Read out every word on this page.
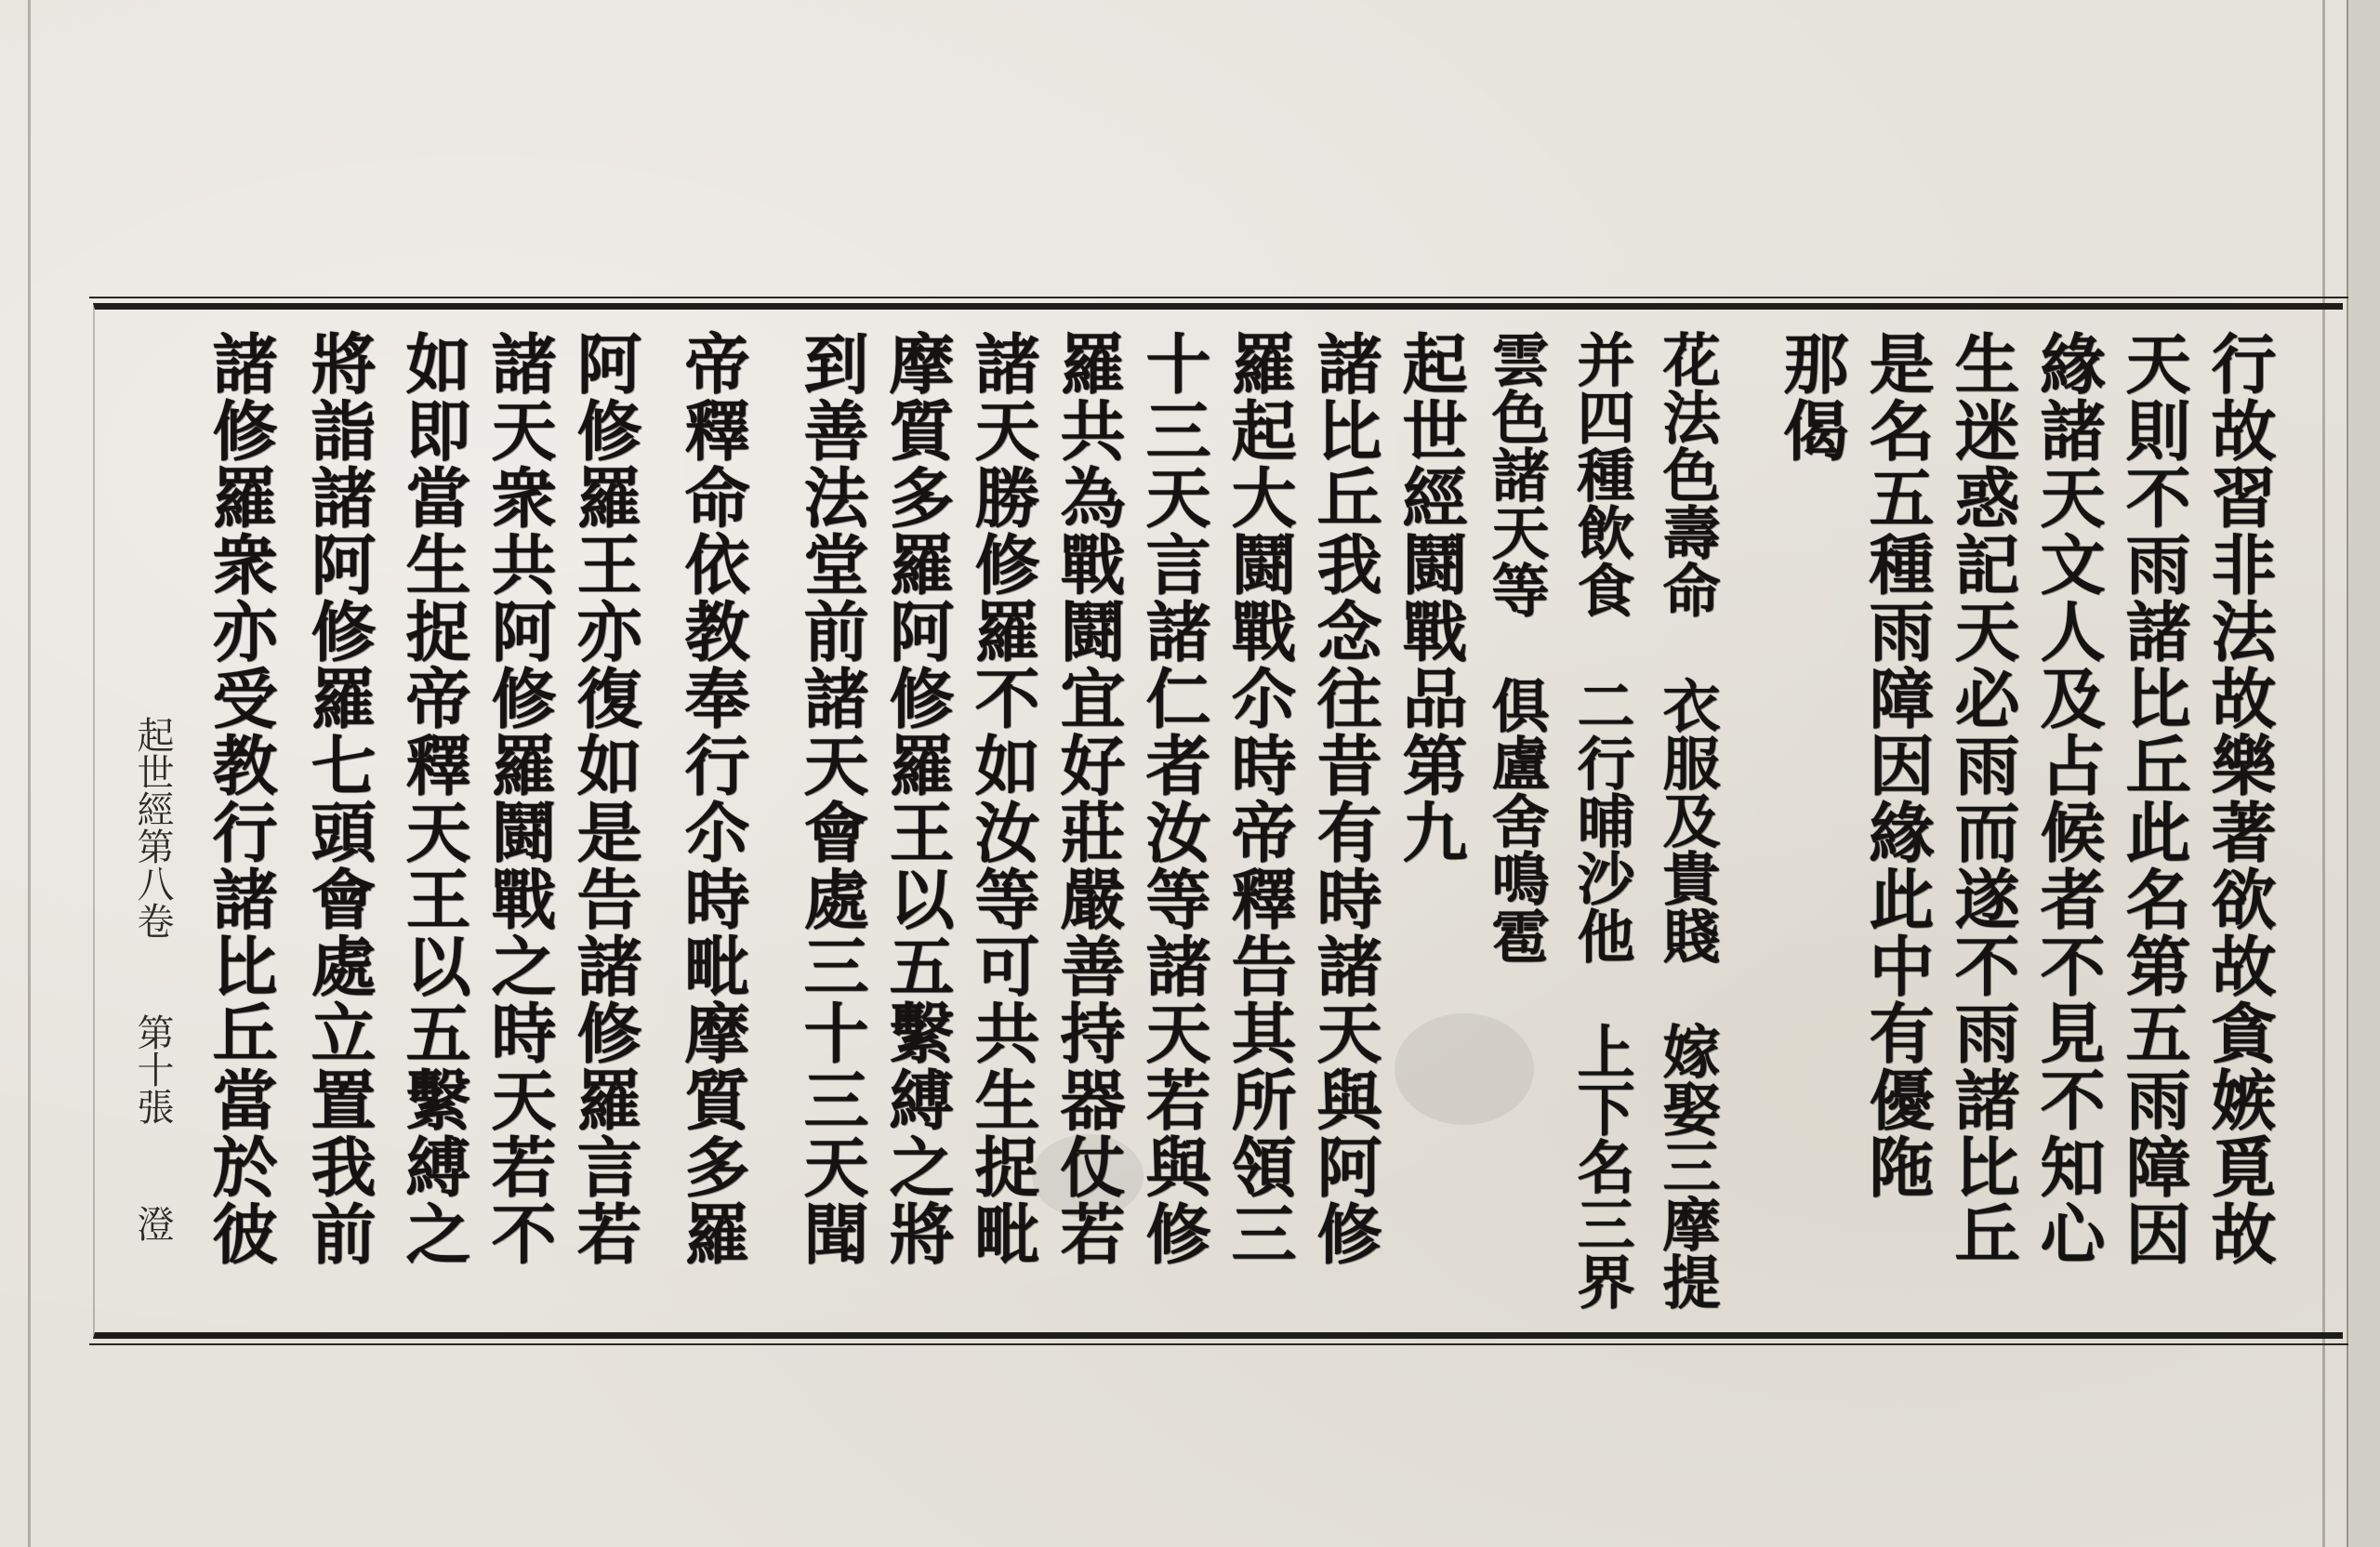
行故習非法故樂著欲故貪嫉覓故
天則不雨諸比丘此名第五雨障因
緣諸天文人及占候者不見不知心
生迷惑記天必雨而遂不雨諸比丘
是名五種雨障因緣此中有優陁
那偈
花法色壽命　衣服及貴賤　嫁娶三摩提
并四種飲食　二行晡沙他　上下名三界
雲色諸天等　俱盧舍鳴雹
起世經鬪戰品第九
諸比丘我念往昔有時諸天與阿修
羅起大鬪戰尒時帝釋告其所領三
十三天言諸仁者汝等諸天若與修
羅共為戰鬪宜好莊嚴善持器仗若
諸天勝修羅不如汝等可共生捉毗
摩質多羅阿修羅王以五繫縛之將
到善法堂前諸天會處三十三天聞
帝釋命依教奉行尒時毗摩質多羅
阿修羅王亦復如是告諸修羅言若
諸天衆共阿修羅鬪戰之時天若不
如即當生捉帝釋天王以五繫縛之
將詣諸阿修羅七頭會處立置我前
諸修羅衆亦受教行諸比丘當於彼
起世經第八卷
第十張
澄
